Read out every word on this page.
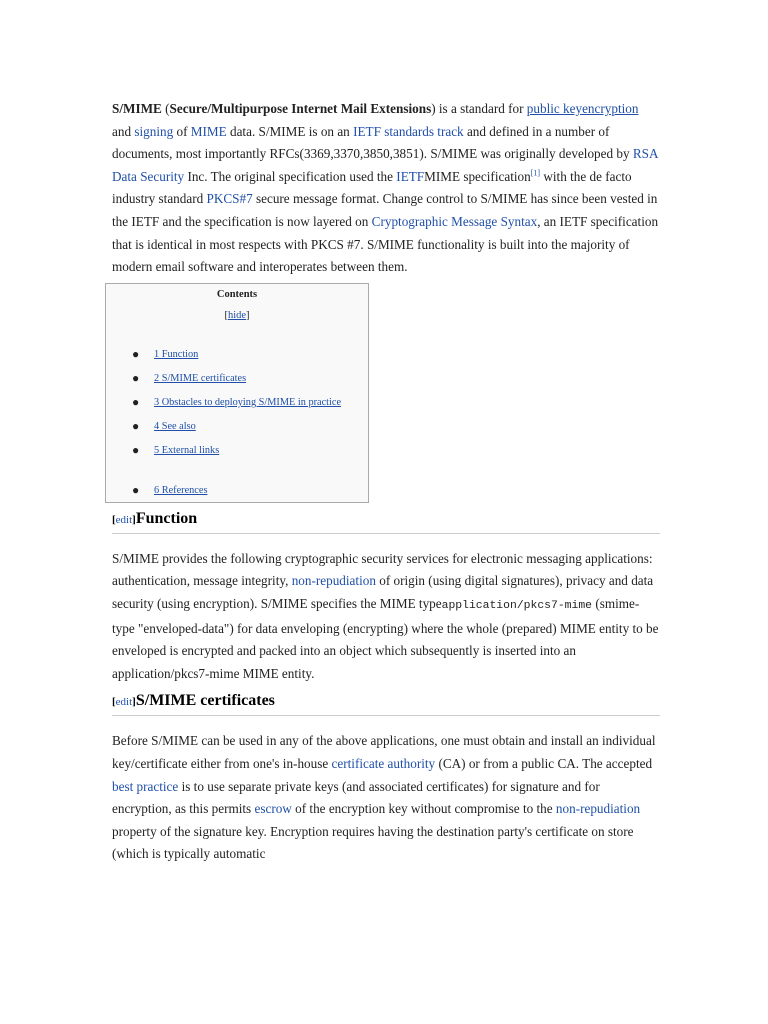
S/MIME (Secure/Multipurpose Internet Mail Extensions) is a standard for public keyencryption and signing of MIME data. S/MIME is on an IETF standards track and defined in a number of documents, most importantly RFCs(3369,3370,3850,3851). S/MIME was originally developed by RSA Data Security Inc. The original specification used the IETFMIME specification[1] with the de facto industry standard PKCS#7 secure message format. Change control to S/MIME has since been vested in the IETF and the specification is now layered on Cryptographic Message Syntax, an IETF specification that is identical in most respects with PKCS #7. S/MIME functionality is built into the majority of modern email software and interoperates between them.

Contents
[hide]
● 1 Function
● 2 S/MIME certificates
● 3 Obstacles to deploying S/MIME in practice
● 4 See also
● 5 External links
● 6 References
[edit]Function

S/MIME provides the following cryptographic security services for electronic messaging applications: authentication, message integrity, non-repudiation of origin (using digital signatures), privacy and data security (using encryption). S/MIME specifies the MIME typeapplication/pkcs7-mime (smime-type "enveloped-data") for data enveloping (encrypting) where the whole (prepared) MIME entity to be enveloped is encrypted and packed into an object which subsequently is inserted into an application/pkcs7-mime MIME entity.

[edit]S/MIME certificates

Before S/MIME can be used in any of the above applications, one must obtain and install an individual key/certificate either from one's in-house certificate authority (CA) or from a public CA. The accepted best practice is to use separate private keys (and associated certificates) for signature and for encryption, as this permits escrow of the encryption key without compromise to the non-repudiation property of the signature key. Encryption requires having the destination party's certificate on store (which is typically automatic
